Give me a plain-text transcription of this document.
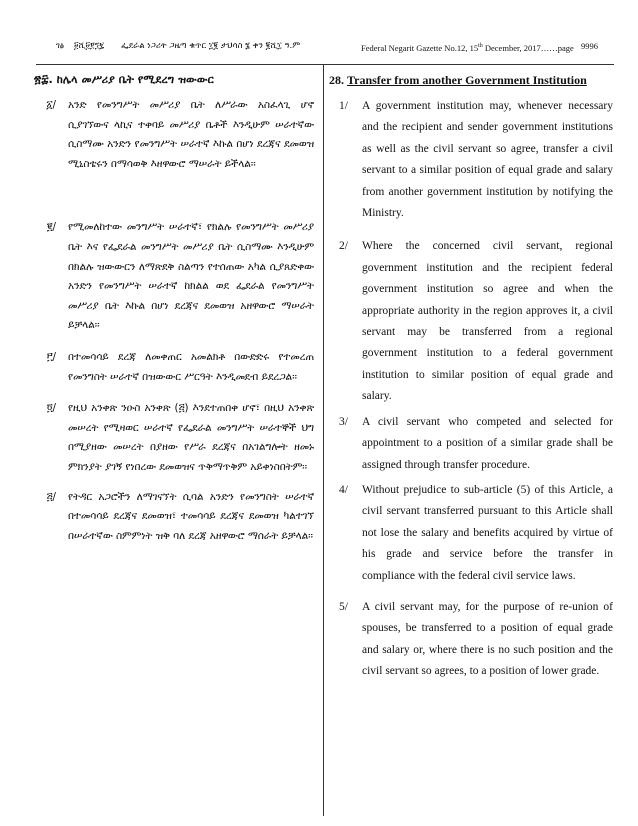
ገፅ ፱ሺ፱፻፺፯ ፌደራል ነጋሪት ጋዜጣ ቁጥር ፲፪ ታህሳስ ፮ ቀን ፪ሺ፲ ዓ.ም	Federal Negarit Gazette No.12, 15th December, 2017……page 9996
፳፰. ከሌላ መሥሪያ ቤት የሚደረግ ዝውውር
፩/	አንድ የመንግሥት መሥሪያ ቤት ለሥራው አስፈላጊ ሆኖ ሲያገኘውና ላኪና ተቀባይ መሥሪያ ቤቶች እንዲሁም ሠራተኛው ሲስማሙ አንድን የመንግሥት ሠራተኛ እኩል በሆነ ደረጃና ደመወዝ ሚኒስቴሩን በማሳወቅ እዘዋውሮ ማሠራት ይችላል፡፡
፪/	የሚመለከተው መንግሥት ሠራተኛ፣ የክልሉ የመንግሥት መሥሪያ ቤት እና የፌደራል መንግሥት መሥሪያ ቤት ሲስማሙ እንዲሁም በክልሉ ዝውውርን ለማጽደቅ ስልጣን የተሰጠው አካል ሲያጸድቀው አንድን የመንግሥት ሠራተኛ ከክልል ወደ ፌደራል የመንግሥት መሥሪያ ቤት እኩል በሆነ ደረጃና ደመወዝ አዘዋውሮ ማሠራት ይቻላል፡፡
፫/	በተመሳሳይ ደረጃ ለመቀጠር አመልክቶ በውድድሩ የተመረጠ የመንግስት ሠራተኛ በዝውውር ሥርዓት እንዲመደብ ይደረጋል፡፡
፬/	የዚህ አንቀጽ ንዑስ አንቀጽ (፭) እንደተጠበቀ ሆኖ፣ በዚህ አንቀጽ መሠረት የሚዛወር ሠራተኛ የፌደራል መንግሥት ሠራተኞች ህግ በሚያዘው መሠረት በያዘው የሥራ ደረጃና በአገልግሎት ዘመኑ ምክንያት ያገኝ የነበረው ደመወዝና ጥቅማጥቅም አይቀነስበትም፡፡
፭/	የትዳር አጋሮችን ለማገናኘት ሲባል አንድን የመንግስት ሠራተኛ በተመሳሳይ ደረጃና ደመወዝ፣ ተመሳሳይ ደረጃና ደመወዝ ካልተገኘ በሠራተኛው ስምምነት ዝቅ ባለ ደረጃ አዘዋውሮ ማሰራት ይቻላል፡፡
28. Transfer from another Government Institution
1/ A government institution may, whenever necessary and the recipient and sender government institutions as well as the civil servant so agree, transfer a civil servant to a similar position of equal grade and salary from another government institution by notifying the Ministry.
2/ Where the concerned civil servant, regional government institution and the recipient federal government institution so agree and when the appropriate authority in the region approves it, a civil servant may be transferred from a regional government institution to a federal government institution to similar position of equal grade and salary.
3/ A civil servant who competed and selected for appointment to a position of a similar grade shall be assigned through transfer procedure.
4/ Without prejudice to sub-article (5) of this Article, a civil servant transferred pursuant to this Article shall not lose the salary and benefits acquired by virtue of his grade and service before the transfer in compliance with the federal civil service laws.
5/ A civil servant may, for the purpose of re-union of spouses, be transferred to a position of equal grade and salary or, where there is no such position and the civil servant so agrees, to a position of lower grade.
